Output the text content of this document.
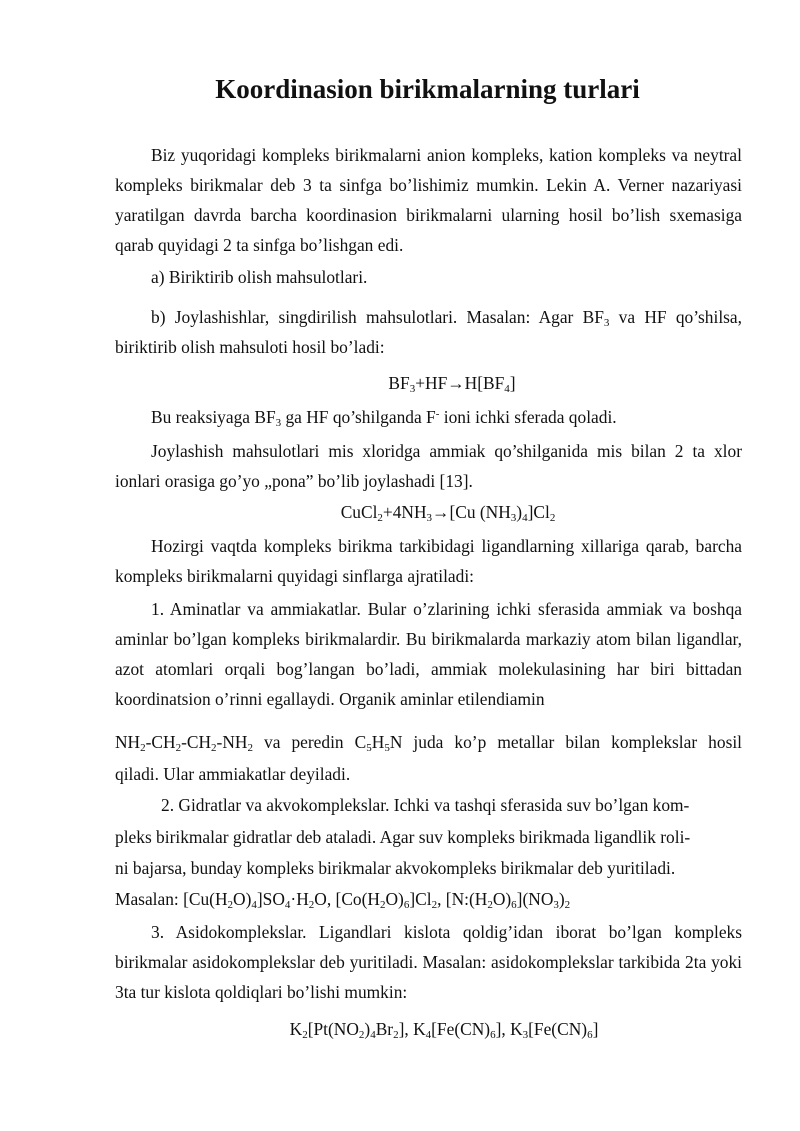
Koordinasion birikmalarning turlari

Biz yuqoridagi kompleks birikmalarni anion kompleks, kation kompleks va neytral kompleks birikmalar deb 3 ta sinfga bo’lishimiz mumkin. Lekin A. Verner nazariyasi yaratilgan davrda barcha koordinasion birikmalarni ularning hosil bo’lish sxemasiga qarab quyidagi 2 ta sinfga bo’lishgan edi.

a) Biriktirib olish mahsulotlari.

b) Joylashishlar, singdirilish mahsulotlari. Masalan: Agar $BF_3$ va HF qo’shilsa, biriktirib olish mahsuloti hosil bo’ladi:

$BF_3+HF\to H[BF_4]$

Bu reaksiyaga $BF_3$ ga HF qo’shilganda F- ioni ichki sferada qoladi.

Joylashish mahsulotlari mis xloridga ammiak qo’shilganida mis bilan 2 ta xlor ionlari orasiga go’yo „pona” bo’lib joylashadi [13].

$CuCl_2+4NH_3\to[Cu$ $(NH_3)_4]Cl_2$

Hozirgi vaqtda kompleks birikma tarkibidagi ligandlarning xillariga qarab, barcha kompleks birikmalarni quyidagi sinflarga ajratiladi:

1. Aminatlar va ammiakatlar. Bular o’zlarining ichki sferasida ammiak va boshqa aminlar bo’lgan kompleks birikmalardir. Bu birikmalarda markaziy atom bilan ligandlar, azot atomlari orqali bog’langan bo’ladi, ammiak molekulasining har biri bittadan koordinatsion o’rinni egallaydi. Organik aminlar etilendiamin

$NH_2-CH_2-CH_2-NH_2$ va peredin $C_5H_5N$ juda ko’p metallar bilan komplekslar hosil

qiladi. Ular ammiakatlar deyiladi.

2. Gidratlar va akvokomplekslar. Ichki va tashqi sferasida suv bo’lgan kom-

pleks birikmalar gidratlar deb ataladi. Agar suv kompleks birikmada ligandlik roli-

ni bajarsa, bunday kompleks birikmalar akvokompleks birikmalar deb yuritiladi.

Masalan: $[Cu(H_2O)_4]SO_4\cdot H_2O$, $[Co(H_2O)_6]Cl_2$, $[N:(H_2O)_6](NO_3)_2$

3. Asidokomplekslar. Ligandlari kislota qoldig’idan iborat bo’lgan kompleks birikmalar asidokomplekslar deb yuritiladi. Masalan: asidokomplekslar tarkibida 2ta yoki 3ta tur kislota qoldiqlari bo’lishi mumkin:

$K_2[Pt(NO_2)_4Br_2]$, $K_4[Fe(CN)_6]$, $K_3[Fe(CN)_6]$
